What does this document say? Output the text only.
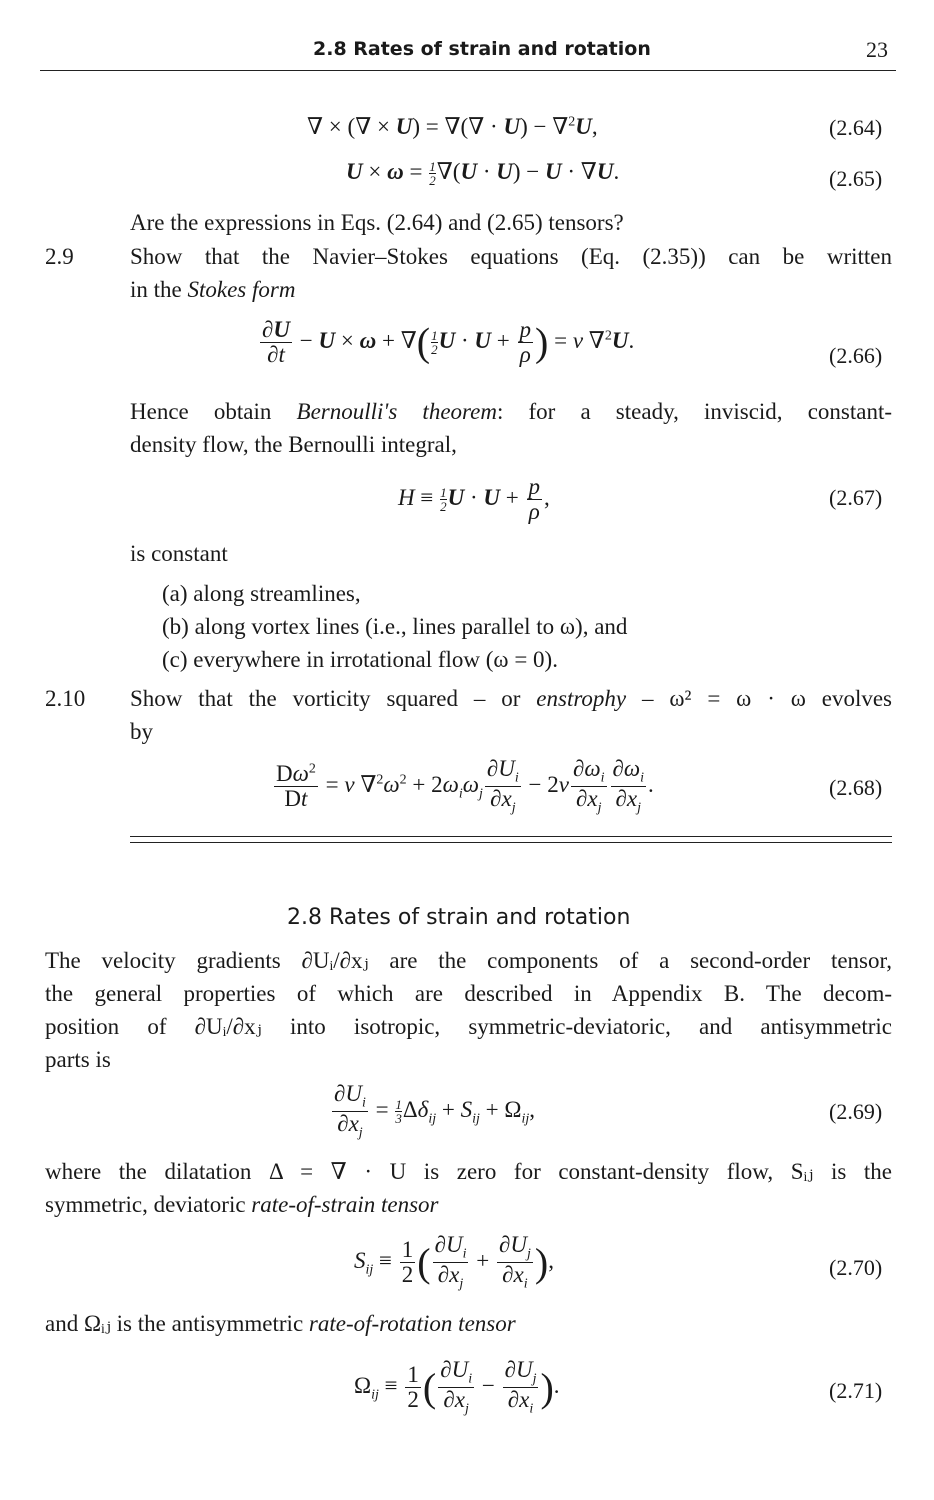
2.8 Rates of strain and rotation	23
∇ × (∇ × U) = ∇(∇ · U) − ∇$^2$U,	(2.64)
$U \times \omega = \frac{1}{2} \nabla(U \cdot U) - U \cdot \nabla U$.	(2.65)
Are the expressions in Eqs. (2.64) and (2.65) tensors?
2.9 Show that the Navier–Stokes equations (Eq. (2.35)) can be written
in the Stokes form
$\frac{\partial U}{\partial t} - U \times \omega$ + ∇( $\frac{1}{2}$ $U \cdot U + \frac{p}{\rho}$ ) = ν ∇$^2$U.
(2.66)
Hence obtain Bernoulli's theorem: for a steady, inviscid, constant-
density flow, the Bernoulli integral,
$H \equiv \frac{1}{2}$ $U \cdot U + \frac{p}{\rho}$ ,	(2.67)
is constant
(a) along streamlines,
(b) along vortex lines (i.e., lines parallel to ω), and
(c) everywhere in irrotational flow (ω = 0).
2.10 Show that the vorticity squared – or enstrophy – ω² = ω · ω evolves
by
$\frac{D\omega^2}{Dt} = \nu$ $\nabla^2\omega^2 + 2\omega_i\omega_j \frac{\partial U_i}{\partial x_j} - 2\nu \frac{\partial\omega_i}{\partial x_j} \frac{\partial\omega_i}{\partial x_j}$ .	(2.68)
2.8 Rates of strain and rotation
The velocity gradients ∂Uᵢ/∂xⱼ are the components of a second-order tensor,
the general properties of which are described in Appendix B. The decom-
position of ∂Uᵢ/∂xⱼ into isotropic, symmetric-deviatoric, and antisymmetric
parts is
$\frac{\partial U_i}{\partial x_j} = \frac{1}{3} \Delta\delta_{ij} + S_{ij} + \Omega_{ij}$,	(2.69)
where the dilatation Δ = ∇ · U is zero for constant-density flow, Sᵢⱼ is the
symmetric, deviatoric rate-of-strain tensor
$S_{ij} \equiv \frac{1}{2}$ ( $\frac{\partial U_i}{\partial x_j} + \frac{\partial U_j}{\partial x_i}$ ),	(2.70)
and Ωᵢⱼ is the antisymmetric rate-of-rotation tensor
$\Omega_{ij} \equiv \frac{1}{2}$ ( $\frac{\partial U_i}{\partial x_j} - \frac{\partial U_j}{\partial x_i}$ ).	(2.71)
